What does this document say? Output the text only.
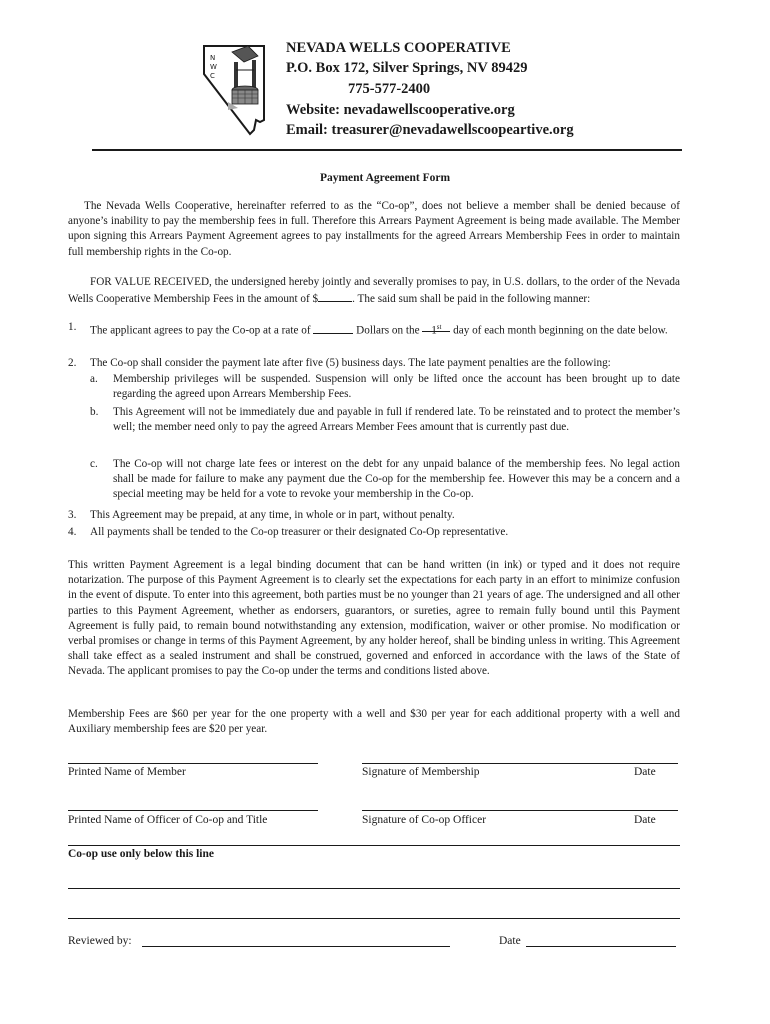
NWC
NEVADA WELLS COOPERATIVE
P.O. Box 172, Silver Springs, NV 89429
775-577-2400
Website: nevadawellscooperative.org
Email: treasurer@nevadawellscoopeartive.org
Payment Agreement Form
The Nevada Wells Cooperative, hereinafter referred to as the “Co-op”, does not believe a member shall be denied because of anyone’s inability to pay the membership fees in full. Therefore this Arrears Payment Agreement is being made available. The Member upon signing this Arrears Payment Agreement agrees to pay installments for the agreed Arrears Membership Fees in order to maintain full membership rights in the Co-op.
FOR VALUE RECEIVED, the undersigned hereby jointly and severally promises to pay, in U.S. dollars, to the order of the Nevada Wells Cooperative Membership Fees in the amount of $	. The said sum shall be paid in the following manner:
1. The applicant agrees to pay the Co-op at a rate of	Dollars on the 1st day of each month beginning on the date below.
2. The Co-op shall consider the payment late after five (5) business days. The late payment penalties are the following:
a. Membership privileges will be suspended. Suspension will only be lifted once the account has been brought up to date regarding the agreed upon Arrears Membership Fees.
b. This Agreement will not be immediately due and payable in full if rendered late. To be reinstated and to protect the member’s well; the member need only to pay the agreed Arrears Member Fees amount that is currently past due.
c. The Co-op will not charge late fees or interest on the debt for any unpaid balance of the membership fees. No legal action shall be made for failure to make any payment due the Co-op for the membership fee. However this may be a concern and a special meeting may be held for a vote to revoke your membership in the Co-op.
3. This Agreement may be prepaid, at any time, in whole or in part, without penalty.
4. All payments shall be tended to the Co-op treasurer or their designated Co-Op representative.
This written Payment Agreement is a legal binding document that can be hand written (in ink) or typed and it does not require notarization. The purpose of this Payment Agreement is to clearly set the expectations for each party in an effort to minimize confusion in the event of dispute. To enter into this agreement, both parties must be no younger than 21 years of age. The undersigned and all other parties to this Payment Agreement, whether as endorsers, guarantors, or sureties, agree to remain fully bound until this Payment Agreement is fully paid, to remain bound notwithstanding any extension, modification, waiver or other promise. No modification or verbal promises or change in terms of this Payment Agreement, by any holder hereof, shall be binding unless in writing. This Agreement shall take effect as a sealed instrument and shall be construed, governed and enforced in accordance with the laws of the State of Nevada. The applicant promises to pay the Co-op under the terms and conditions listed above.
Membership Fees are $60 per year for the one property with a well and $30 per year for each additional property with a well and Auxiliary membership fees are $20 per year.
Printed Name of Member	Signature of Membership	Date
Printed Name of Officer of Co-op and Title	Signature of Co-op Officer	Date
Co-op use only below this line
Reviewed by:	Date
